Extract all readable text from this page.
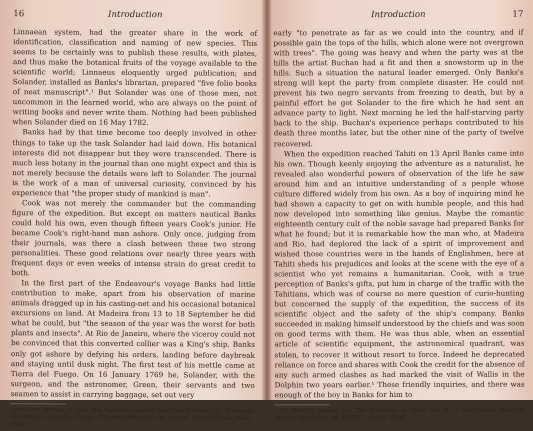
16	Introduction

Linnaean system, had the greater share in the work of identification, classification and naming of new species. This seems to be certainly was to publish these results, with plates, and thus make the botanical fruits of the voyage available to the scientific world; Linnaeus eloquently urged publication; and Solander, installed as Banks's librarian, prepared "five folio books of neat manuscript".¹ But Solander was one of those men, not uncommon in the learned world, who are always on the point of writing books and never write them. Nothing had been published when Solander died on 16 May 1782.

Banks had by that time become too deeply involved in other things to take up the task Solander had laid down. His botanical interests did not disappear but they were transcended. There is much less botany in the journal than one might expect and this is not merely because the details were left to Solander. The journal is the work of a man of universal curiosity, convinced by his experience that "the proper study of mankind is man".

Cook was not merely the commander but the commanding figure of the expedition. But except on matters nautical Banks could hold his own, even though fifteen years Cook's junior. He became Cook's right-hand man ashore. Only once, judging from their journals, was there a clash between these two strong personalities. These good relations over nearly three years with frequent days or even weeks of intense strain do great credit to both.

In the first part of the Endeavour's voyage Banks had little contribution to make, apart from his observation of marine animals dragged up in his casting-net and his occasional botanical excursions on land. At Madeira from 13 to 18 September he did what he could, but "the season of the year was the worst for both plants and insects". At Rio de Janeiro, where the viceroy could not be convinced that this converted collier was a King's ship, Banks only got ashore by defying his orders, landing before daybreak and staying until dusk night. The first test of his mettle came at Tierra del Fuego. On 16 January 1769 he, Solander, with the surgeon, and the astronomer, Green, their servants and two seamen to assist in carrying baggage, set out very

¹ Hooker's Preface, p. xxvi. The "neat manuscript" was that of Banks's E. D. Merrill, The Botany of Cook's Voyage (Chronica Botanica, vol. xiv, no. 5-6) (Waltham, Mass., 1954).

Introduction	17

early "to penetrate as far as we could into the country, and if possible gain the tops of the hills, which alone were not overgrown with trees". The going was heavy and when the party was at the hills the artist Buchan had a fit and then a snowstorm up in the hills. Such a situation the natural leader emerged. Only Banks's strong will kept the party from complete disaster. He could not prevent his two negro servants from freezing to death, but by a painful effort he got Solander to the fire which he had sent an advance party to light. Next morning he led the half-starving party back to the ship. Buchan's experience perhaps contributed to his death three months later, but the other nine of the party of twelve recovered.

When the expedition reached Tahiti on 13 April Banks came into his own. Though keenly enjoying the adventure as a naturalist, he revealed also wonderful powers of observation of the life he saw around him and an intuitive understanding of a people whose culture differed widely from his own. As a boy of inquiring mind he had shown a capacity to get on with humble people, and this had now developed into something like genius. Maybe the romantic eighteenth century cult of the noble savage had prepared Banks for what he found; but it is remarkable how the man who, at Madeira and Rio, had deplored the lack of a spirit of improvement and wished those countries were in the hands of Englishmen, here at Tahiti sheds his prejudices and looks at the scene with the eye of a scientist who yet remains a humanitarian. Cook, with a true perception of Banks's gifts, put him in charge of the traffic with the Tahitians, which was of course no mere question of curio-hunting but concerned the supply of the expedition, the success of its scientific object and the safety of the ship's company. Banks succeeded in making himself understood by the chiefs and was soon on good terms with them. He was thus able, when an essential article of scientific equipment, the astronomical quadrant, was stolen, to recover it without resort to force. Indeed he deprecated reliance on force and shares with Cook the credit for the absence of any such armed clashes as had marked the visit of Wallis in the Dolphin two years earlier.¹ These friendly inquiries, and there was enough of the boy in Banks for him to

¹ On Wallis's voyage, see The Discovery of Tahiti (ed. A. H. Carrington) (Hakluyt Society, 2nd series, no. XCVIII, London, 1948).
